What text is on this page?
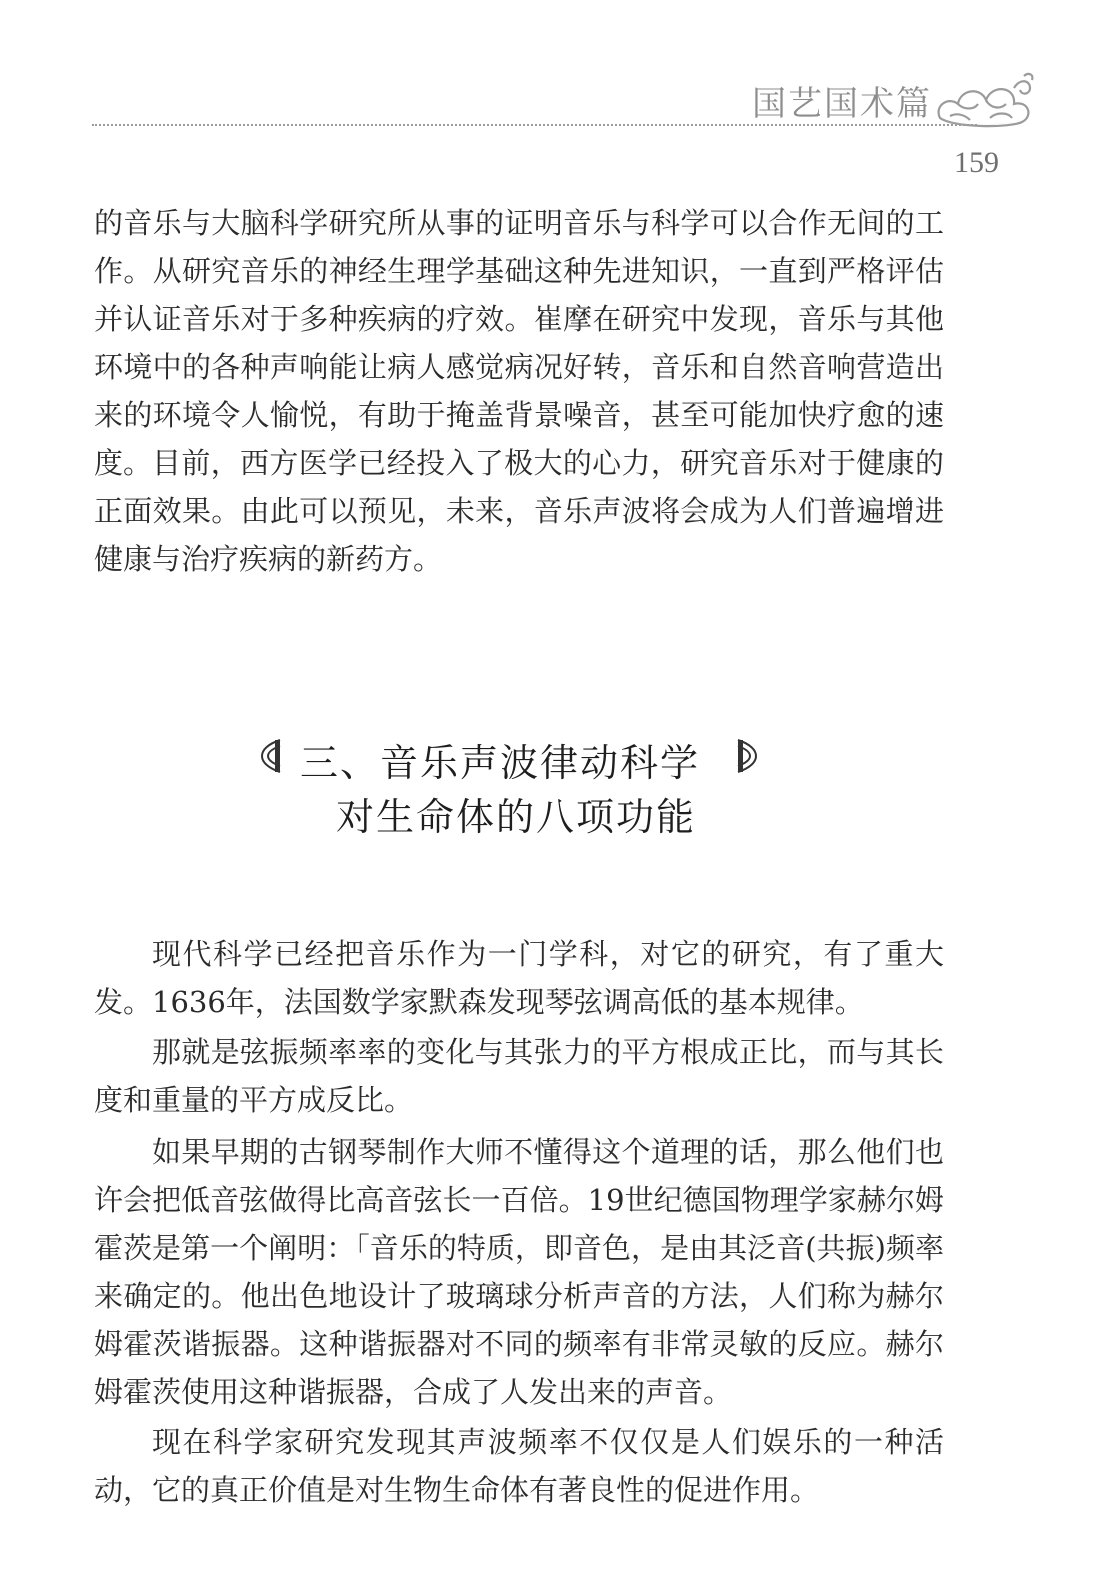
国艺国术篇
159

的音乐与大脑科学研究所从事的证明音乐与科学可以合作无间的工作。从研究音乐的神经生理学基础这种先进知识，一直到严格评估并认证音乐对于多种疾病的疗效。崔摩在研究中发现，音乐与其他环境中的各种声响能让病人感觉病况好转，音乐和自然音响营造出来的环境令人愉悦，有助于掩盖背景噪音，甚至可能加快疗愈的速度。 目前，西方医学已经投入了极大的心力，研究音乐对于健康的正面效果。由此可以预见，未来，音乐声波将会成为人们普遍增进健康与治疗疾病的新药方。

三、音乐声波律动科学
对生命体的八项功能

现代科学已经把音乐作为一门学科，对它的研究，有了重大发。1636年，法国数学家默森发现琴弦调高低的基本规律。

那就是弦振频率率的变化与其张力的平方根成正比，而与其长度和重量的平方成反比。

如果早期的古钢琴制作大师不懂得这个道理的话，那么他们也许会把低音弦做得比高音弦长一百倍。19世纪德国物理学家赫尔姆霍茨是第一个阐明：「音乐的特质，即音色，是由其泛音(共振)频率来确定的。他出色地设计了玻璃球分析声音的方法，人们称为赫尔姆霍茨谐振器。这种谐振器对不同的频率有非常灵敏的反应。赫尔姆霍茨使用这种谐振器，合成了人发出来的声音。

现在科学家研究发现其声波频率不仅仅是人们娱乐的一种活动，它的真正价值是对生物生命体有著良性的促进作用。
